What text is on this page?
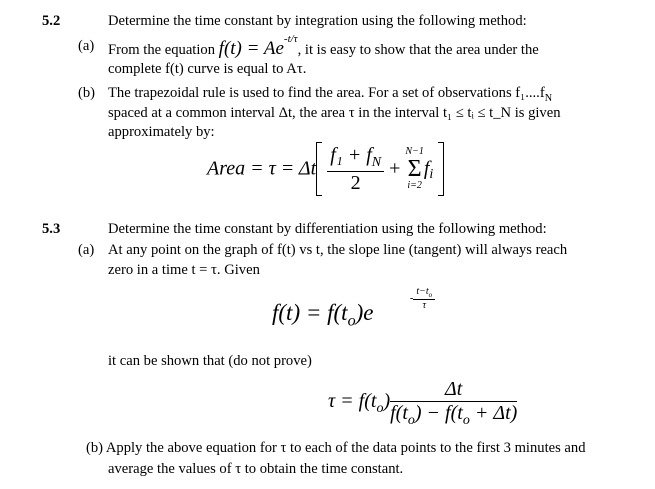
5.2	Determine the time constant by integration using the following method:
(a) From the equation $f(t) = Ae^{-t/\tau}$, it is easy to show that the area under the
complete f(t) curve is equal to Aτ.
(b) The trapezoidal rule is used to find the area. For a set of observations $f_1....f_N$
spaced at a common interval Δt, the area τ in the interval t₁ ≤ tᵢ ≤ t_N is given
approximately by:
Area = τ = Δt $\frac{f_1 + f_N}{2}$ +
N−1
Σ
i=2
$f_i$
5.3	Determine the time constant by differentiation using the following method:
(a) At any point on the graph of f(t) vs t, the slope line (tangent) will always reach
zero in a time t = τ. Given
$f(t) = f(t_o)e$
- $\frac{t-t_o}{\tau}$
it can be shown that (do not prove)
$\tau = f(t_o) \frac{\Delta t}{f(t_o) - f(t_o + \Delta t)}$
(b) Apply the above equation for τ to each of the data points to the first 3 minutes and
average the values of τ to obtain the time constant.
